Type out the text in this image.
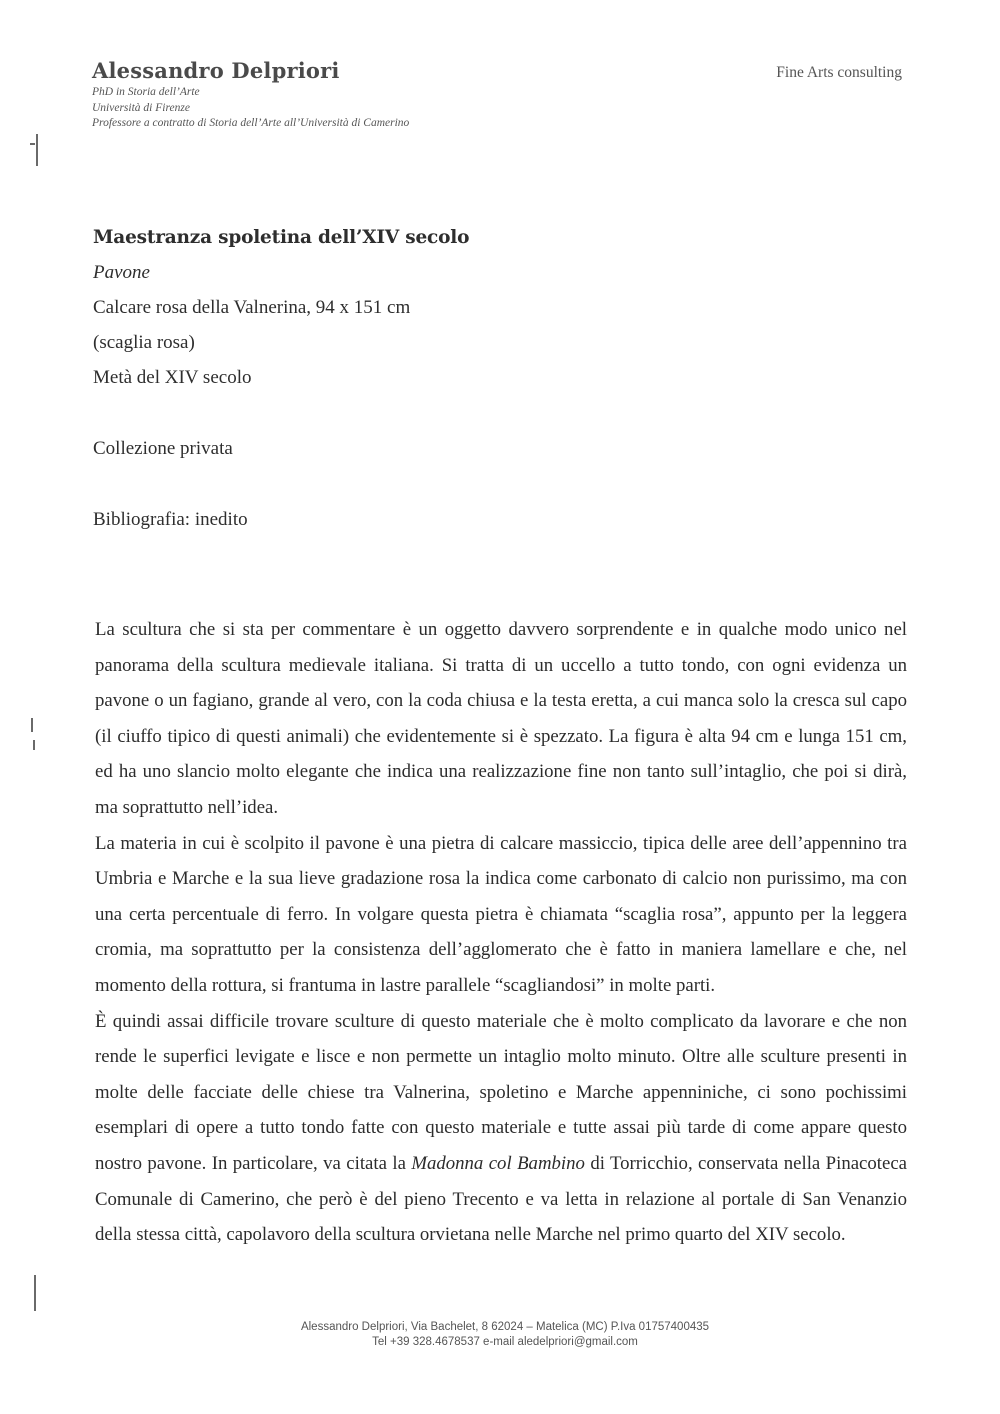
Alessandro Delpriori
PhD in Storia dell’Arte
Università di Firenze
Professore a contratto di Storia dell’Arte all’Università di Camerino
Fine Arts consulting
Maestranza spoletina dell’XIV secolo
Pavone
Calcare rosa della Valnerina, 94 x 151 cm
(scaglia rosa)
Metà del XIV secolo
Collezione privata
Bibliografia: inedito

La scultura che si sta per commentare è un oggetto davvero sorprendente e in qualche modo unico nel panorama della scultura medievale italiana. Si tratta di un uccello a tutto tondo, con ogni evidenza un pavone o un fagiano, grande al vero, con la coda chiusa e la testa eretta, a cui manca solo la cresca sul capo (il ciuffo tipico di questi animali) che evidentemente si è spezzato. La figura è alta 94 cm e lunga 151 cm, ed ha uno slancio molto elegante che indica una realizzazione fine non tanto sull’intaglio, che poi si dirà, ma soprattutto nell’idea.

La materia in cui è scolpito il pavone è una pietra di calcare massiccio, tipica delle aree dell’appennino tra Umbria e Marche e la sua lieve gradazione rosa la indica come carbonato di calcio non purissimo, ma con una certa percentuale di ferro. In volgare questa pietra è chiamata “scaglia rosa”, appunto per la leggera cromia, ma soprattutto per la consistenza dell’agglomerato che è fatto in maniera lamellare e che, nel momento della rottura, si frantuma in lastre parallele “scagliandosi” in molte parti.

È quindi assai difficile trovare sculture di questo materiale che è molto complicato da lavorare e che non rende le superfici levigate e lisce e non permette un intaglio molto minuto. Oltre alle sculture presenti in molte delle facciate delle chiese tra Valnerina, spoletino e Marche appenniniche, ci sono pochissimi esemplari di opere a tutto tondo fatte con questo materiale e tutte assai più tarde di come appare questo nostro pavone. In particolare, va citata la Madonna col Bambino di Torricchio, conservata nella Pinacoteca Comunale di Camerino, che però è del pieno Trecento e va letta in relazione al portale di San Venanzio della stessa città, capolavoro della scultura orvietana nelle Marche nel primo quarto del XIV secolo.

Alessandro Delpriori, Via Bachelet, 8 62024 – Matelica (MC) P.Iva 01757400435
Tel +39 328.4678537 e-mail aledelpriori@gmail.com
